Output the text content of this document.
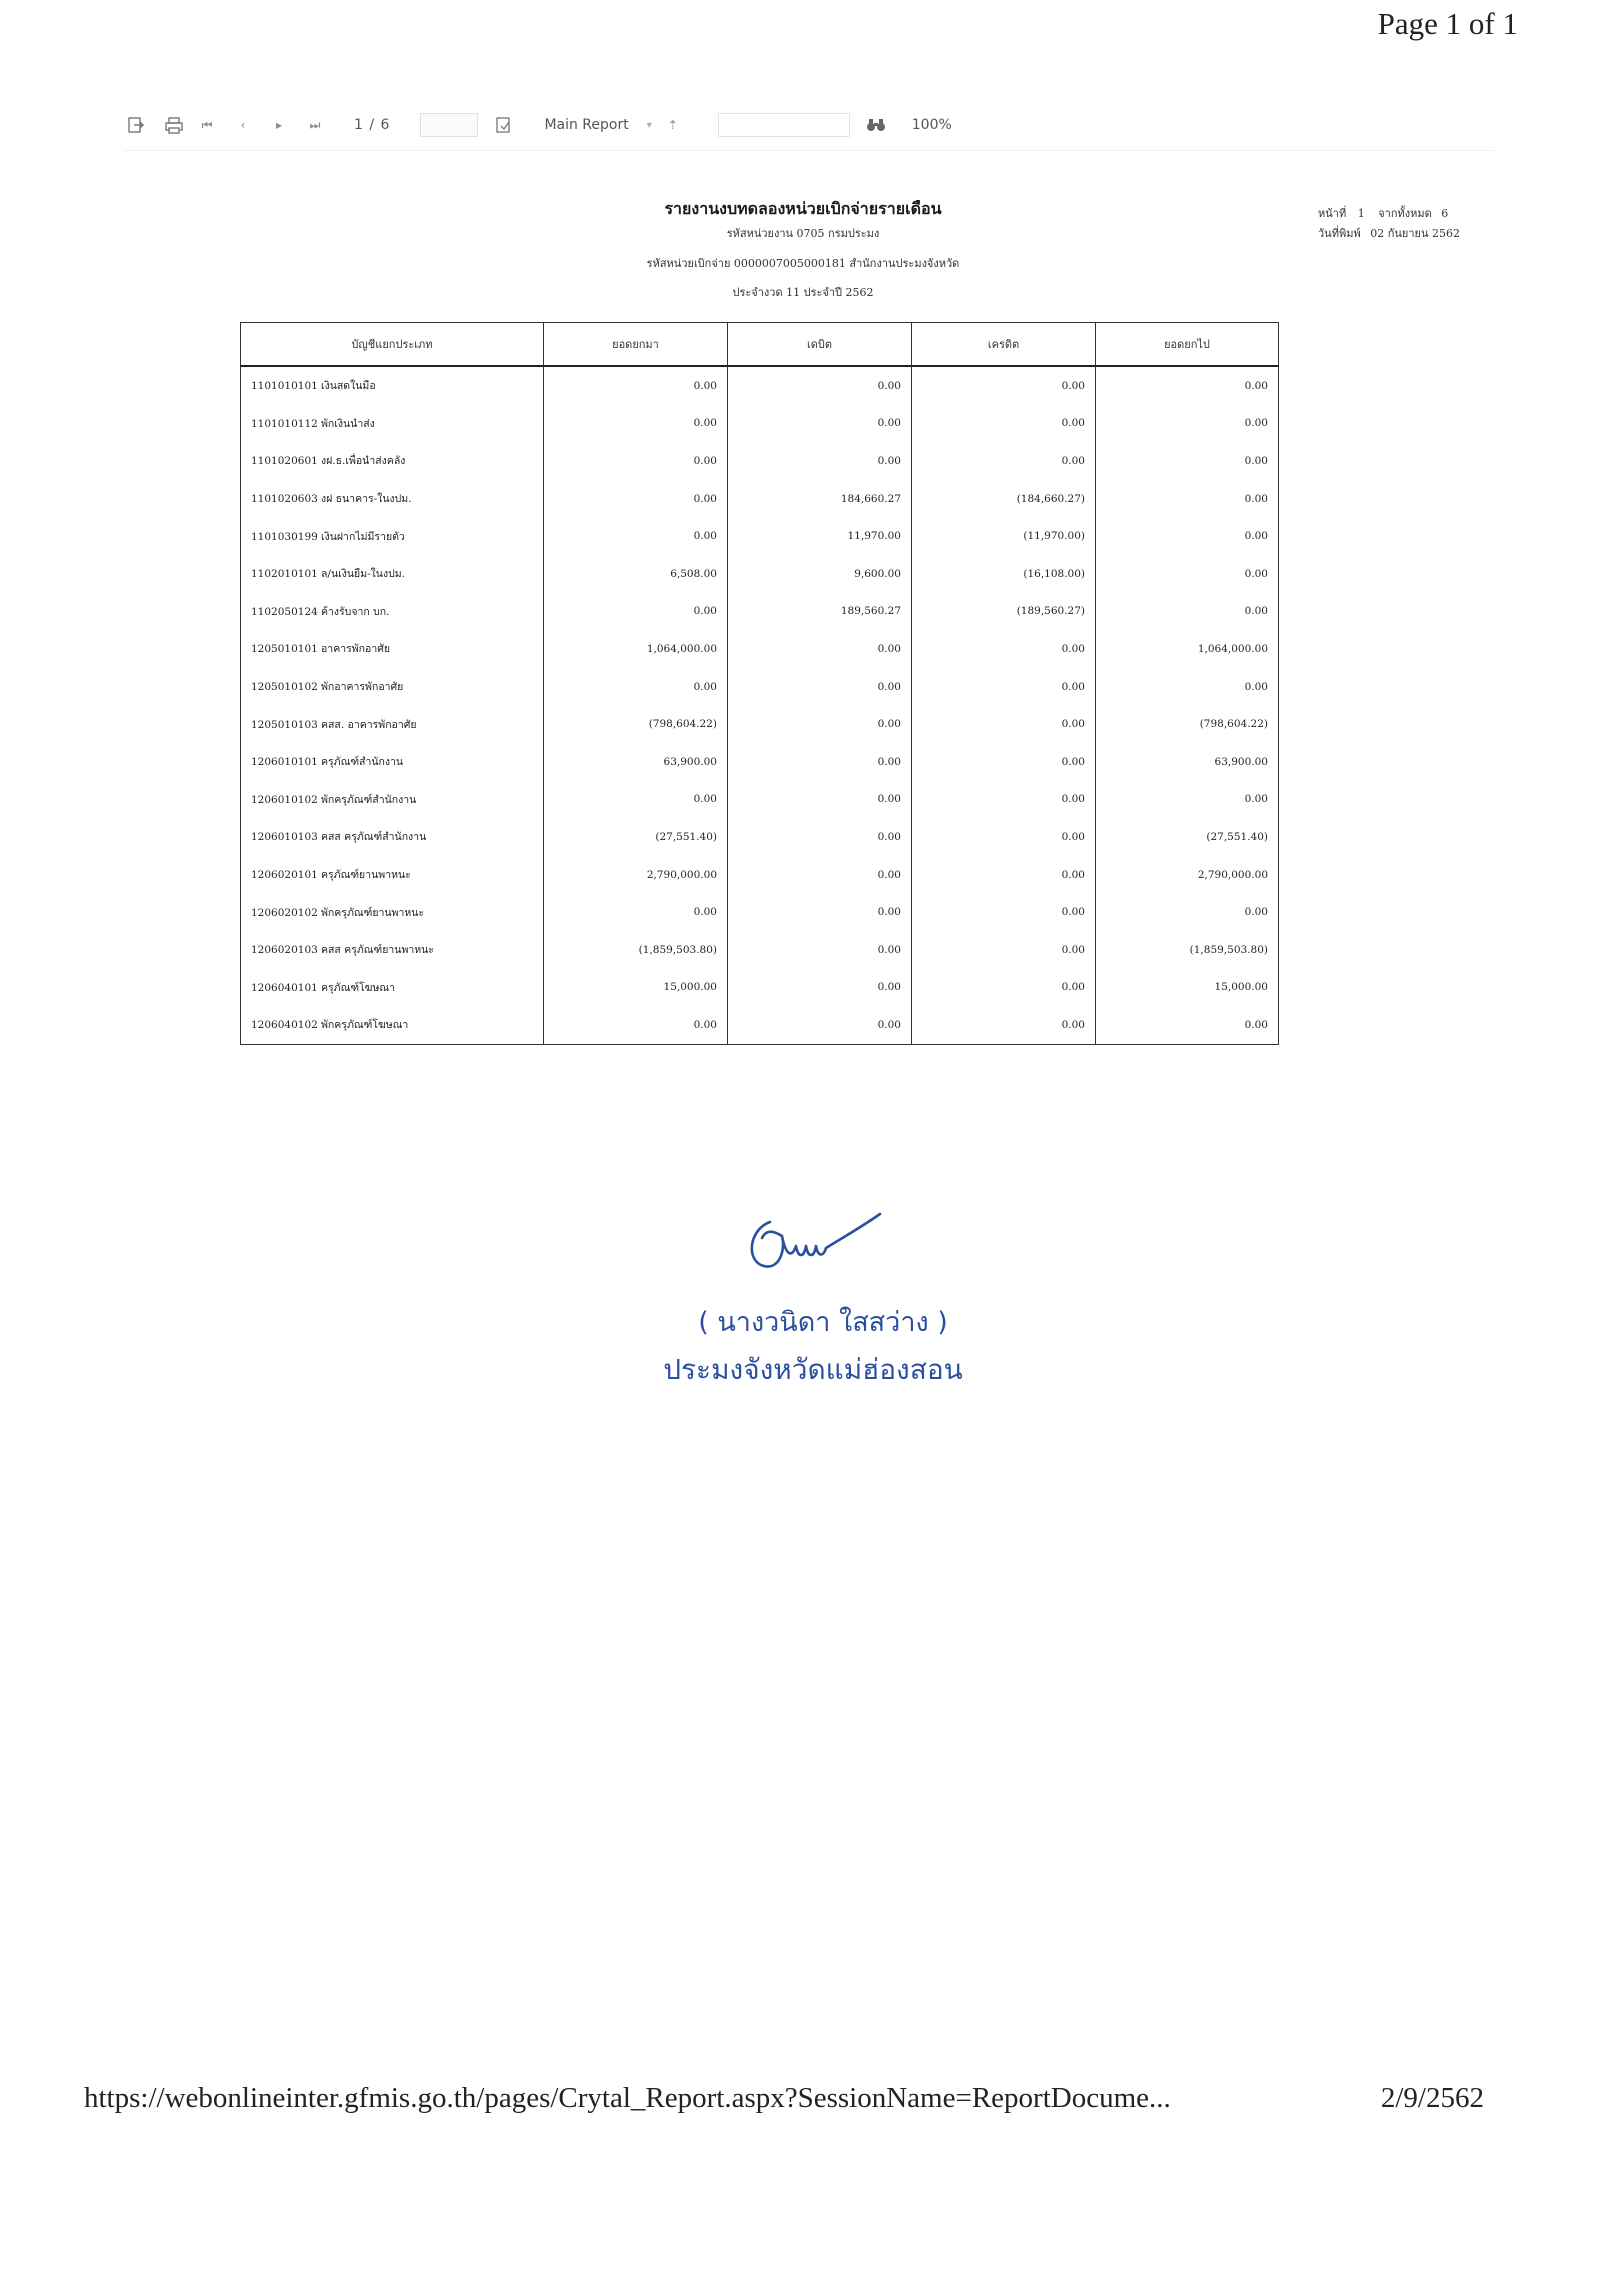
Page 1 of 1
⏮	‹	▸	⏭ 1 / 6	Main Report ▾ ⇡	100%
รายงานงบทดลองหน่วยเบิกจ่ายรายเดือน
รหัสหน่วยงาน 0705 กรมประมง
รหัสหน่วยเบิกจ่าย 0000007005000181 สำนักงานประมงจังหวัด
ประจำงวด 11 ประจำปี 2562
หน้าที่ 1 จากทั้งหมด 6
วันที่พิมพ์ 02 กันยายน 2562
บัญชีแยกประเภท	ยอดยกมา	เดบิต	เครดิต	ยอดยกไป
1101010101 เงินสดในมือ	0.00	0.00	0.00	0.00
1101010112 พักเงินนำส่ง	0.00	0.00	0.00	0.00
1101020601 งฝ.ธ.เพื่อนำส่งคลัง	0.00	0.00	0.00	0.00
1101020603 งฝ ธนาคาร-ในงปม.	0.00	184,660.27	(184,660.27)	0.00
1101030199 เงินฝากไม่มีรายตัว	0.00	11,970.00	(11,970.00)	0.00
1102010101 ล/นเงินยืม-ในงปม.	6,508.00	9,600.00	(16,108.00)	0.00
1102050124 ค้างรับจาก บก.	0.00	189,560.27	(189,560.27)	0.00
1205010101 อาคารพักอาศัย	1,064,000.00	0.00	0.00	1,064,000.00
1205010102 พักอาคารพักอาศัย	0.00	0.00	0.00	0.00
1205010103 คสส. อาคารพักอาศัย	(798,604.22)	0.00	0.00	(798,604.22)
1206010101 ครุภัณฑ์สำนักงาน	63,900.00	0.00	0.00	63,900.00
1206010102 พักครุภัณฑ์สำนักงาน	0.00	0.00	0.00	0.00
1206010103 คสส ครุภัณฑ์สำนักงาน	(27,551.40)	0.00	0.00	(27,551.40)
1206020101 ครุภัณฑ์ยานพาหนะ	2,790,000.00	0.00	0.00	2,790,000.00
1206020102 พักครุภัณฑ์ยานพาหนะ	0.00	0.00	0.00	0.00
1206020103 คสส ครุภัณฑ์ยานพาหนะ	(1,859,503.80)	0.00	0.00	(1,859,503.80)
1206040101 ครุภัณฑ์โฆษณา	15,000.00	0.00	0.00	15,000.00
1206040102 พักครุภัณฑ์โฆษณา	0.00	0.00	0.00	0.00
( นางวนิดา ใสสว่าง )
ประมงจังหวัดแม่ฮ่องสอน
https://webonlineinter.gfmis.go.th/pages/Crytal_Report.aspx?SessionName=ReportDocume...	2/9/2562
